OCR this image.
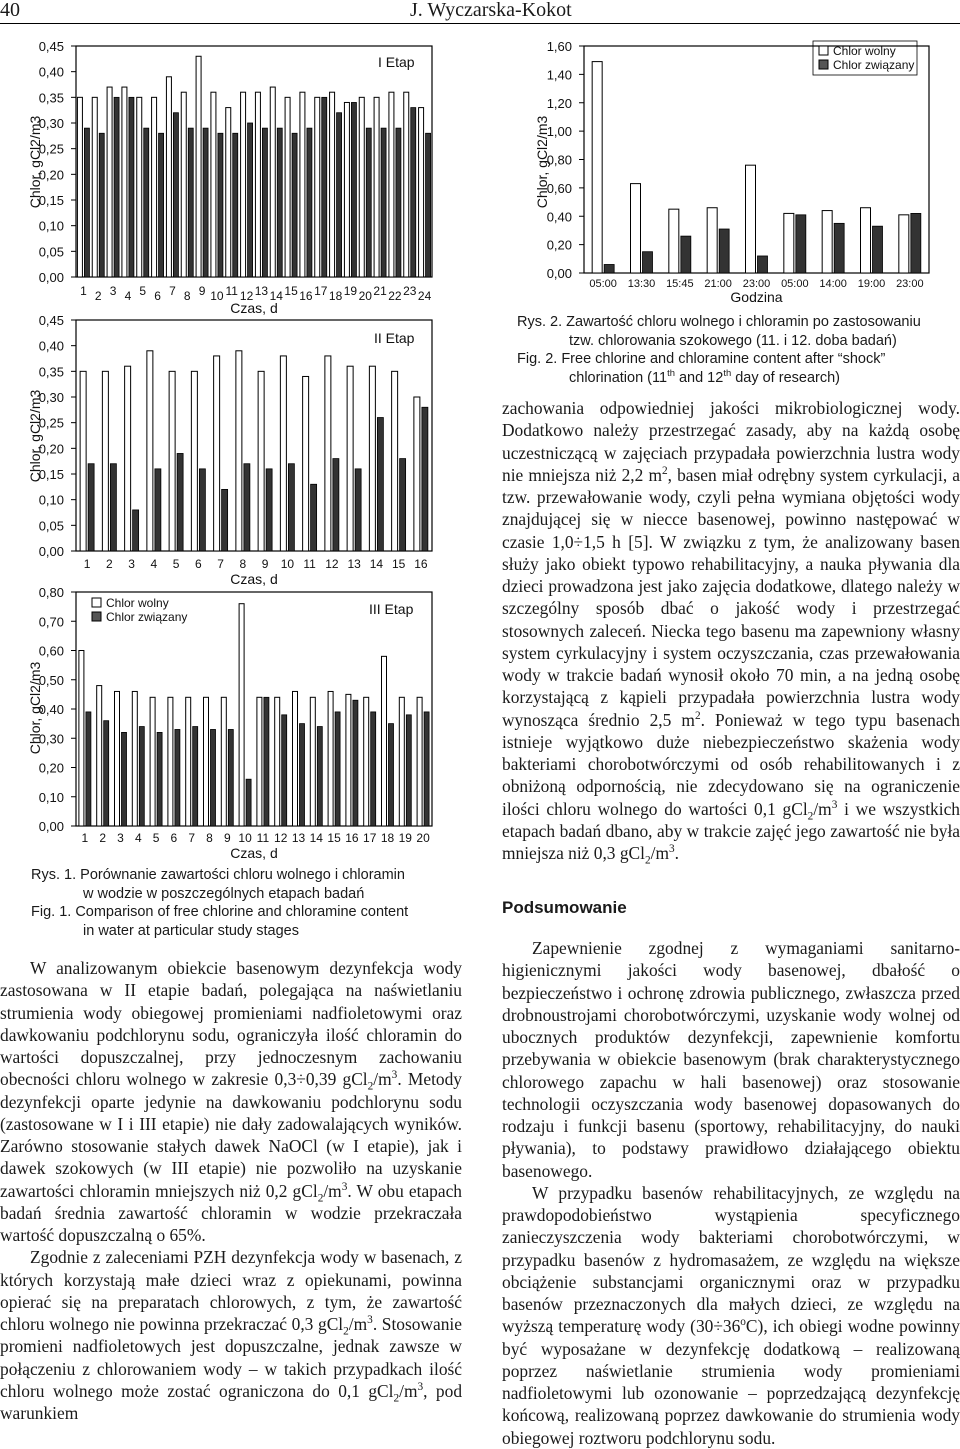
40	J. Wyczarska-Kokot
0,00
0,05
0,10
0,15
0,20
0,25
0,30
0,35
0,40
0,45
1 2 3 4 5 6 7 8 9 10 11 12 13 14 15 16 17 18 19 20 21 22 23 24
Czas, d
Chlor, gCl2/m3
I Etap
0,00
0,05
0,10
0,15
0,20
0,25
0,30
0,35
0,40
0,45
1 2 3 4 5 6 7 8 9 10 11 12 13 14 15 16
Czas, d
Chlor, gCl2/m3
II Etap
0,00
0,10
0,20
0,30
0,40
0,50
0,60
0,70
0,80
1 2 3 4 5 6 7 8 9 10 11 12 13 14 15 16 17 18 19 20
Czas, d
Chlor, gCl2/m3
III Etap
Chlor wolny
Chlor związany
0,00
0,20
0,40
0,60
0,80
1,00
1,20
1,40
1,60
05:00 13:30 15:45 21:00 23:00 05:00 14:00 19:00 23:00
Godzina
Chlor, gCl2/m3
Chlor wolny
Chlor związany
Rys. 1. Porównanie zawartości chloru wolnego i chloramin
w wodzie w poszczególnych etapach badań
Fig. 1. Comparison of free chlorine and chloramine content
in water at particular study stages
Rys. 2. Zawartość chloru wolnego i chloramin po zastosowaniu
tzw. chlorowania szokowego (11. i 12. doba badań)
Fig. 2. Free chlorine and chloramine content after “shock”
chlorination (11th and 12th day of research)

W analizowanym obiekcie basenowym dezynfekcja wody zastosowana w II etapie badań, polegająca na naświetlaniu strumienia wody obiegowej promieniami nadfioletowymi oraz dawkowaniu podchlorynu sodu, ograniczyła ilość chloramin do wartości dopuszczalnej, przy jednoczesnym zachowaniu obecności chloru wolnego w zakresie 0,3÷0,39 $gCl_2/m^3$. Metody dezynfekcji oparte jedynie na dawkowaniu podchlorynu sodu (zastosowane w I i III etapie) nie dały zadowalających wyników. Zarówno stosowanie stałych dawek NaOCl (w I etapie), jak i dawek szokowych (w III etapie) nie pozwoliło na uzyskanie zawartości chloramin mniejszych niż 0,2 $gCl_2/m^3$. W obu etapach badań średnia zawartość chloramin w wodzie przekraczała wartość dopuszczalną o 65%.

Zgodnie z zaleceniami PZH dezynfekcja wody w basenach, z których korzystają małe dzieci wraz z opiekunami, powinna opierać się na preparatach chlorowych, z tym, że zawartość chloru wolnego nie powinna przekraczać 0,3 $gCl_2/m^3$. Stosowanie promieni nadfioletowych jest dopuszczalne, jednak zawsze w połączeniu z chlorowaniem wody – w takich przypadkach ilość chloru wolnego może zostać ograniczona do 0,1 $gCl_2/m^3$, pod warunkiem

zachowania odpowiedniej jakości mikrobiologicznej wody. Dodatkowo należy przestrzegać zasady, aby na każdą osobę uczestniczącą w zajęciach przypadała powierzchnia lustra wody nie mniejsza niż 2,2 $m^2$, basen miał odrębny system cyrkulacji, a tzw. przewałowanie wody, czyli pełna wymiana objętości wody znajdującej się w niecce basenowej, powinno następować w czasie 1,0÷1,5 h [5]. W związku z tym, że analizowany basen służy jako obiekt typowo rehabilitacyjny, a nauka pływania dla dzieci prowadzona jest jako zajęcia dodatkowe, dlatego należy w szczególny sposób dbać o jakość wody i przestrzegać stosownych zaleceń. Niecka tego basenu ma zapewniony własny system cyrkulacyjny i system oczyszczania, czas przewałowania wody w trakcie badań wynosił około 70 min, a na jedną osobę korzystającą z kąpieli przypadała powierzchnia lustra wody wynosząca średnio 2,5 $m^2$. Ponieważ w tego typu basenach istnieje wyjątkowo duże niebezpieczeństwo skażenia wody bakteriami chorobotwórczymi od osób rehabilitowanych i z obniżoną odpornością, nie zdecydowano się na ograniczenie ilości chloru wolnego do wartości 0,1 $gCl_2/m^3$ i we wszystkich etapach badań dbano, aby w trakcie zajęć jego zawartość nie była mniejsza niż 0,3 $gCl_2/m^3$.

Podsumowanie

Zapewnienie zgodnej z wymaganiami sanitarno-higienicznymi jakości wody basenowej, dbałość o bezpieczeństwo i ochronę zdrowia publicznego, zwłaszcza przed drobnoustrojami chorobotwórczymi, uzyskanie wody wolnej od ubocznych produktów dezynfekcji, zapewnienie komfortu przebywania w obiekcie basenowym (brak charakterystycznego chlorowego zapachu w hali basenowej) oraz stosowanie technologii oczyszczania wody basenowej dopasowanych do rodzaju i funkcji basenu (sportowy, rehabilitacyjny, do nauki pływania), to podstawy prawidłowo działającego obiektu basenowego.

W przypadku basenów rehabilitacyjnych, ze względu na prawdopodobieństwo wystąpienia specyficznego zanieczyszczenia wody bakteriami chorobotwórczymi, w przypadku basenów z hydromasażem, ze względu na większe obciążenie substancjami organicznymi oraz w przypadku basenów przeznaczonych dla małych dzieci, ze względu na wyższą temperaturę wody $(30\div 36^oC)$, ich obiegi wodne powinny być wyposażane w dezynfekcję dodatkową – realizowaną poprzez naświetlanie strumienia wody promieniami nadfioletowymi lub ozonowanie – poprzedzającą dezynfekcję końcową, realizowaną poprzez dawkowanie do strumienia wody obiegowej roztworu podchlorynu sodu.
